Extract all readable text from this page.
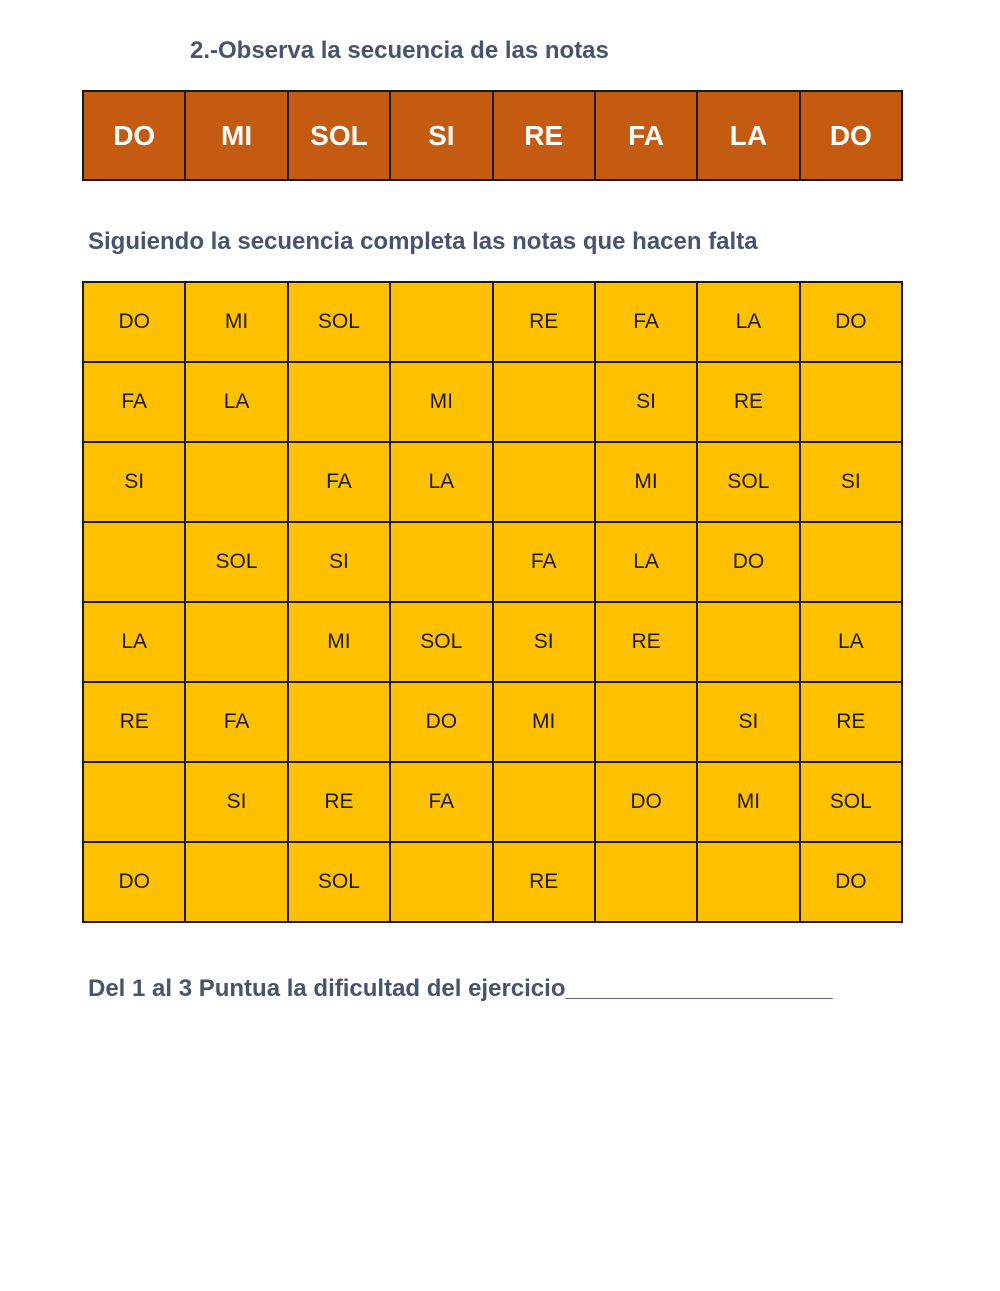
2.-Observa la secuencia de las notas
DO	MI	SOL	SI	RE	FA	LA	DO
Siguiendo la secuencia completa las notas que hacen falta
DO	MI	SOL		RE	FA	LA	DO
FA	LA		MI		SI	RE	
SI		FA	LA		MI	SOL	SI
	SOL	SI		FA	LA	DO	
LA		MI	SOL	SI	RE		LA
RE	FA		DO	MI		SI	RE
	SI	RE	FA		DO	MI	SOL
DO		SOL		RE			DO
Del 1 al 3 Puntua la dificultad del ejercicio____________________
